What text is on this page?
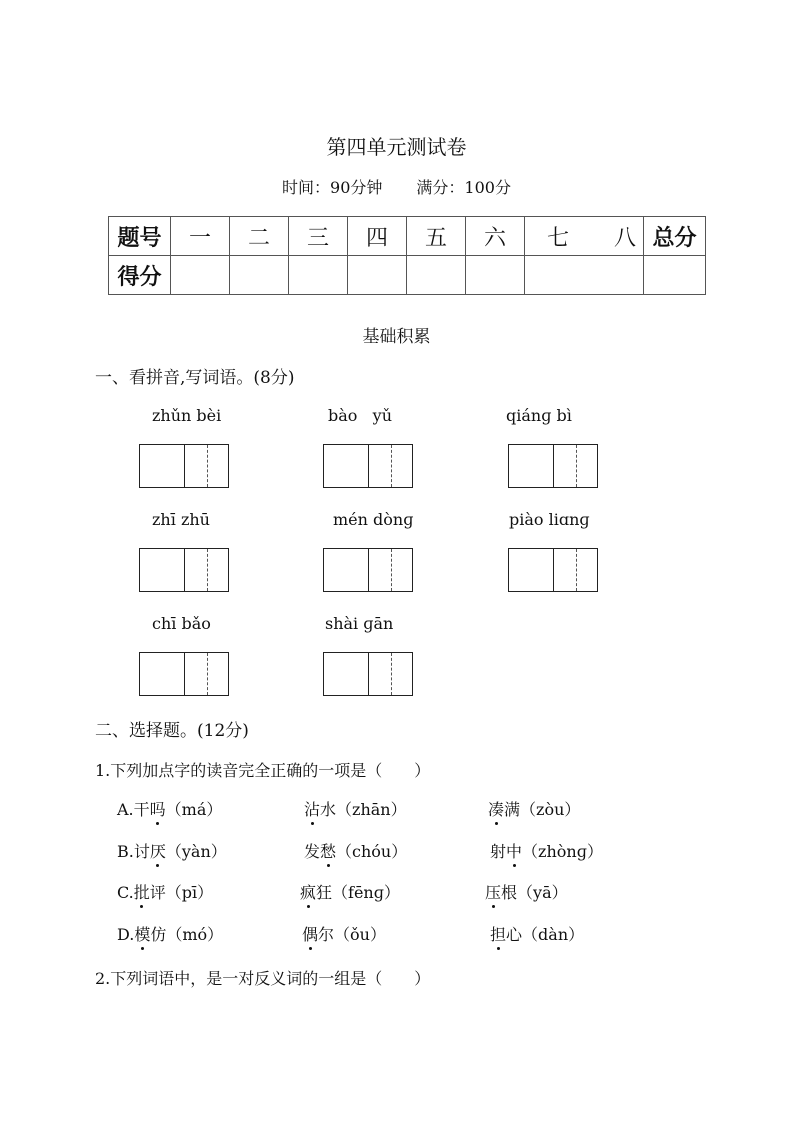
第四单元测试卷
时间：90分钟 满分：100分
题号	一	二	三	四	五	六	七 八	总分
得分								
基础积累
一、看拼音,写词语。(8分)
zhǔn bèi	bào   yǔ	qiánɡ bì
zhī zhū	mén dònɡ	piào liɑnɡ
chī bǎo	shài ɡān
二、选择题。(12分)
1.下列加点字的读音完全正确的一项是（　　）
A.干吗（má）	沾水（zhān）	凑满（zòu）
B.讨厌（yàn）	发愁（chóu）	射中（zhònɡ）
C.批评（pī）	疯狂（fēnɡ）	压根（yā）
D.模仿（mó）	偶尔（ǒu）	担心（dàn）
2.下列词语中，是一对反义词的一组是（　　）
